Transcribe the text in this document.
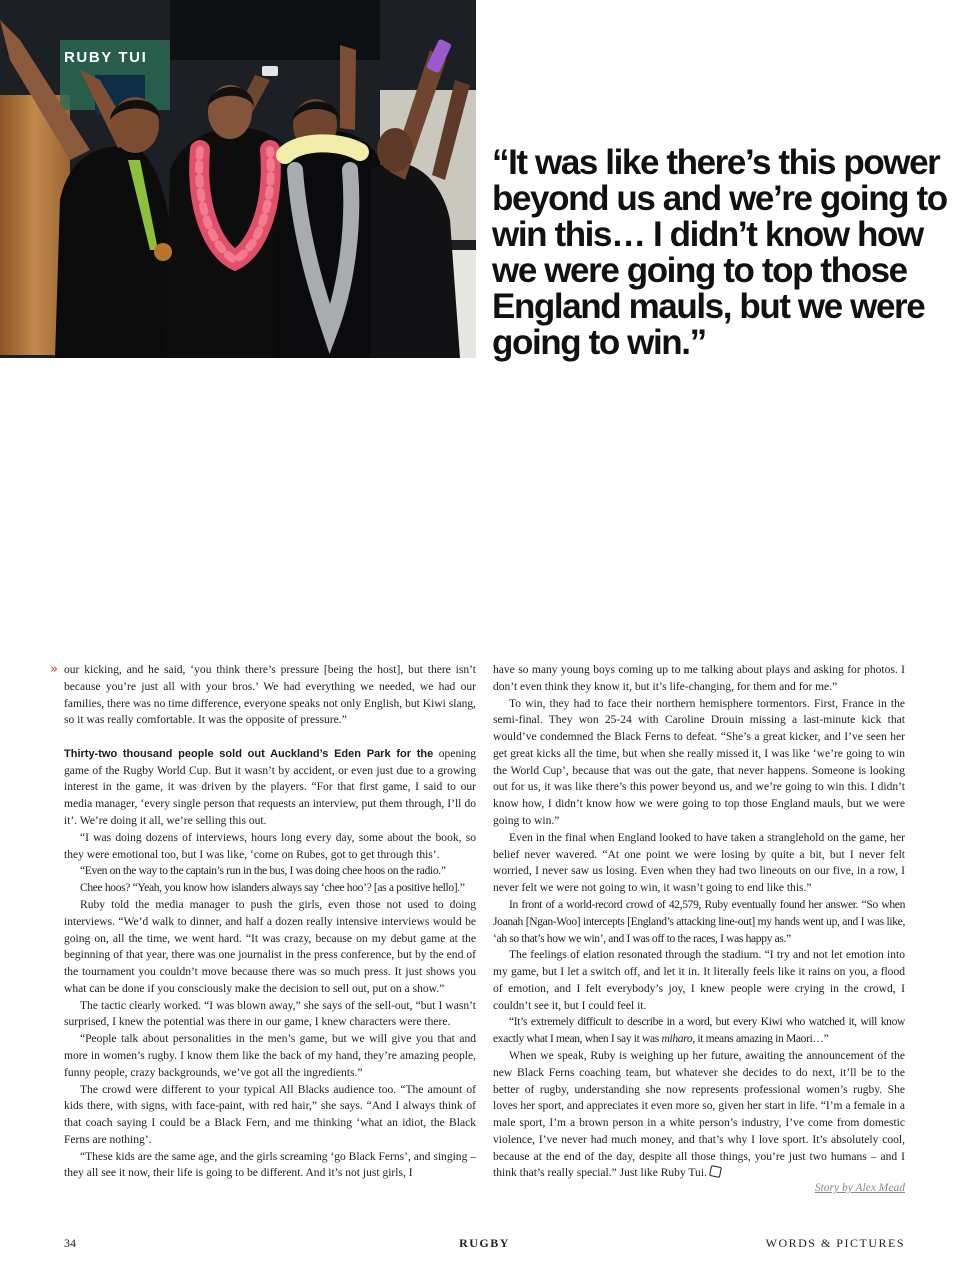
RUBY TUI

“It was like there’s this power beyond us and we’re going to win this… I didn’t know how we were going to top those England mauls, but we were going to win.”

» our kicking, and he said, ‘you think there’s pressure [being the host], but there isn’t because you’re just all with your bros.’ We had everything we needed, we had our families, there was no time difference, everyone speaks not only English, but Kiwi slang, so it was really comfortable. It was the opposite of pressure.”

Thirty-two thousand people sold out Auckland’s Eden Park for the opening game of the Rugby World Cup. But it wasn’t by accident, or even just due to a growing interest in the game, it was driven by the players. “For that first game, I said to our media manager, ‘every single person that requests an interview, put them through, I’ll do it’. We’re doing it all, we’re selling this out.

“I was doing dozens of interviews, hours long every day, some about the book, so they were emotional too, but I was like, ‘come on Rubes, got to get through this’.

“Even on the way to the captain’s run in the bus, I was doing chee hoos on the radio.”

Chee hoos? “Yeah, you know how islanders always say ‘chee hoo’? [as a positive hello].”

Ruby told the media manager to push the girls, even those not used to doing interviews. “We’d walk to dinner, and half a dozen really intensive interviews would be going on, all the time, we went hard. “It was crazy, because on my debut game at the beginning of that year, there was one journalist in the press conference, but by the end of the tournament you couldn’t move because there was so much press. It just shows you what can be done if you consciously make the decision to sell out, put on a show.”

The tactic clearly worked. “I was blown away,” she says of the sell-out, “but I wasn’t surprised, I knew the potential was there in our game, I knew characters were there.

“People talk about personalities in the men’s game, but we will give you that and more in women’s rugby. I know them like the back of my hand, they’re amazing people, funny people, crazy backgrounds, we’ve got all the ingredients.”

The crowd were different to your typical All Blacks audience too. “The amount of kids there, with signs, with face-paint, with red hair,” she says. “And I always think of that coach saying I could be a Black Fern, and me thinking ‘what an idiot, the Black Ferns are nothing’.

“These kids are the same age, and the girls screaming ‘go Black Ferns’, and singing – they all see it now, their life is going to be different. And it’s not just girls, I

have so many young boys coming up to me talking about plays and asking for photos. I don’t even think they know it, but it’s life-changing, for them and for me.”

To win, they had to face their northern hemisphere tormentors. First, France in the semi-final. They won 25-24 with Caroline Drouin missing a last-minute kick that would’ve condemned the Black Ferns to defeat. “She’s a great kicker, and I’ve seen her get great kicks all the time, but when she really missed it, I was like ‘we’re going to win the World Cup’, because that was out the gate, that never happens. Someone is looking out for us, it was like there’s this power beyond us, and we’re going to win this. I didn’t know how, I didn’t know how we were going to top those England mauls, but we were going to win.”

Even in the final when England looked to have taken a stranglehold on the game, her belief never wavered. “At one point we were losing by quite a bit, but I never felt worried, I never saw us losing. Even when they had two lineouts on our five, in a row, I never felt we were not going to win, it wasn’t going to end like this.”

In front of a world-record crowd of 42,579, Ruby eventually found her answer. “So when Joanah [Ngan-Woo] intercepts [England’s attacking line-out] my hands went up, and I was like, ‘ah so that’s how we win’, and I was off to the races, I was happy as.”

The feelings of elation resonated through the stadium. “I try and not let emotion into my game, but I let a switch off, and let it in. It literally feels like it rains on you, a flood of emotion, and I felt everybody’s joy, I knew people were crying in the crowd, I couldn’t see it, but I could feel it.

“It’s extremely difficult to describe in a word, but every Kiwi who watched it, will know exactly what I mean, when I say it was miharo, it means amazing in Maori…”

When we speak, Ruby is weighing up her future, awaiting the announcement of the new Black Ferns coaching team, but whatever she decides to do next, it’ll be to the better of rugby, understanding she now represents professional women’s rugby. She loves her sport, and appreciates it even more so, given her start in life. “I’m a female in a male sport, I’m a brown person in a white person’s industry, I’ve come from domestic violence, I’ve never had much money, and that’s why I love sport. It’s absolutely cool, because at the end of the day, despite all those things, you’re just two humans – and I think that’s really special.” Just like Ruby Tui.

Story by Alex Mead

34	RUGBY	WORDS & PICTURES
